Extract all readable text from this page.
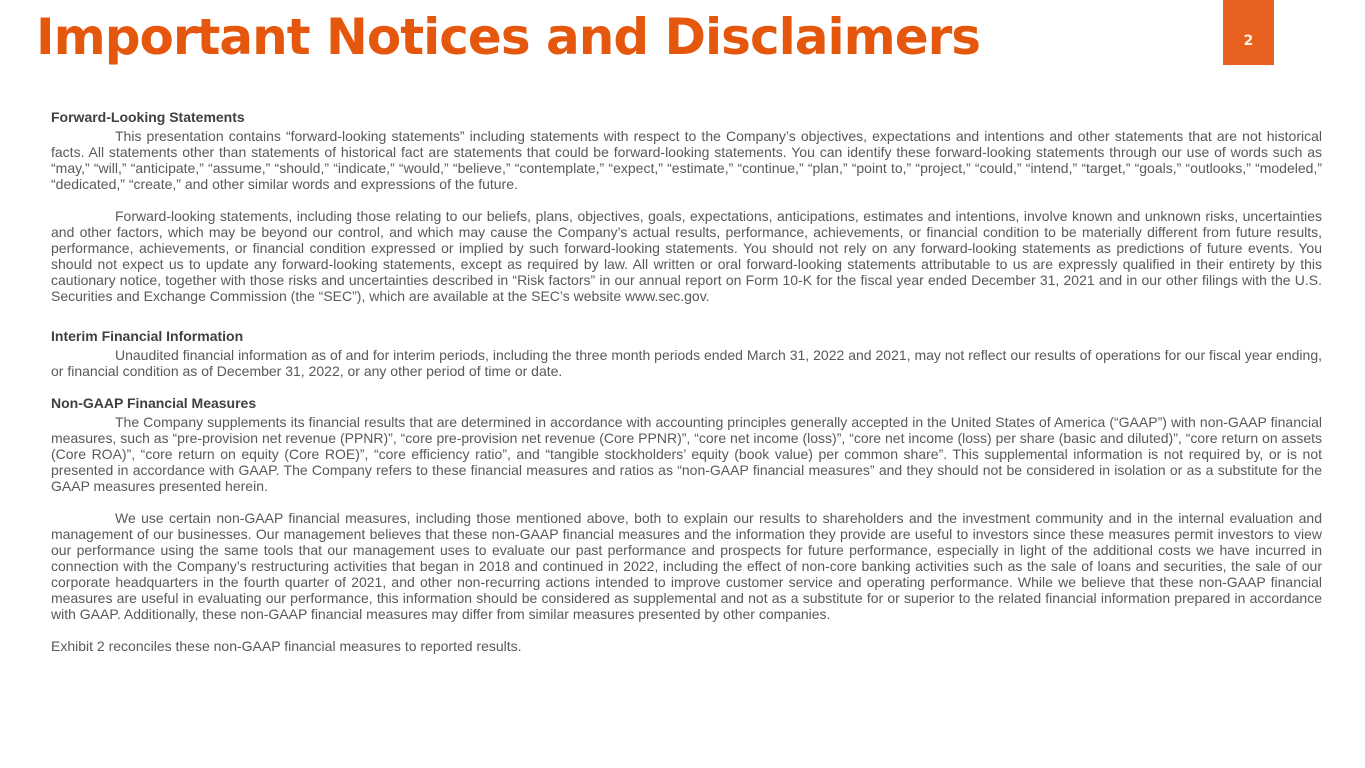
Important Notices and Disclaimers	2

Forward-Looking Statements

This presentation contains “forward-looking statements” including statements with respect to the Company’s objectives, expectations and intentions and other statements that are not historical facts. All statements other than statements of historical fact are statements that could be forward-looking statements. You can identify these forward-looking statements through our use of words such as “may,” “will,” “anticipate,” “assume,” “should,” “indicate,” “would,” “believe,” “contemplate,” “expect,” “estimate,” “continue,” “plan,” “point to,” “project,” “could,” “intend,” “target,” “goals,” “outlooks,” “modeled,” “dedicated,” “create,” and other similar words and expressions of the future.

Forward-looking statements, including those relating to our beliefs, plans, objectives, goals, expectations, anticipations, estimates and intentions, involve known and unknown risks, uncertainties and other factors, which may be beyond our control, and which may cause the Company’s actual results, performance, achievements, or financial condition to be materially different from future results, performance, achievements, or financial condition expressed or implied by such forward-looking statements. You should not rely on any forward-looking statements as predictions of future events. You should not expect us to update any forward-looking statements, except as required by law. All written or oral forward-looking statements attributable to us are expressly qualified in their entirety by this cautionary notice, together with those risks and uncertainties described in “Risk factors” in our annual report on Form 10-K for the fiscal year ended December 31, 2021 and in our other filings with the U.S. Securities and Exchange Commission (the “SEC”), which are available at the SEC’s website www.sec.gov.

Interim Financial Information

Unaudited financial information as of and for interim periods, including the three month periods ended March 31, 2022 and 2021, may not reflect our results of operations for our fiscal year ending, or financial condition as of December 31, 2022, or any other period of time or date.

Non-GAAP Financial Measures

The Company supplements its financial results that are determined in accordance with accounting principles generally accepted in the United States of America (“GAAP”) with non-GAAP financial measures, such as “pre-provision net revenue (PPNR)”, “core pre-provision net revenue (Core PPNR)”, “core net income (loss)”, “core net income (loss) per share (basic and diluted)”, “core return on assets (Core ROA)”, “core return on equity (Core ROE)”, “core efficiency ratio”, and “tangible stockholders’ equity (book value) per common share”. This supplemental information is not required by, or is not presented in accordance with GAAP. The Company refers to these financial measures and ratios as “non-GAAP financial measures” and they should not be considered in isolation or as a substitute for the GAAP measures presented herein.

We use certain non-GAAP financial measures, including those mentioned above, both to explain our results to shareholders and the investment community and in the internal evaluation and management of our businesses. Our management believes that these non-GAAP financial measures and the information they provide are useful to investors since these measures permit investors to view our performance using the same tools that our management uses to evaluate our past performance and prospects for future performance, especially in light of the additional costs we have incurred in connection with the Company’s restructuring activities that began in 2018 and continued in 2022, including the effect of non-core banking activities such as the sale of loans and securities, the sale of our corporate headquarters in the fourth quarter of 2021, and other non-recurring actions intended to improve customer service and operating performance. While we believe that these non-GAAP financial measures are useful in evaluating our performance, this information should be considered as supplemental and not as a substitute for or superior to the related financial information prepared in accordance with GAAP. Additionally, these non-GAAP financial measures may differ from similar measures presented by other companies.

Exhibit 2 reconciles these non-GAAP financial measures to reported results.
